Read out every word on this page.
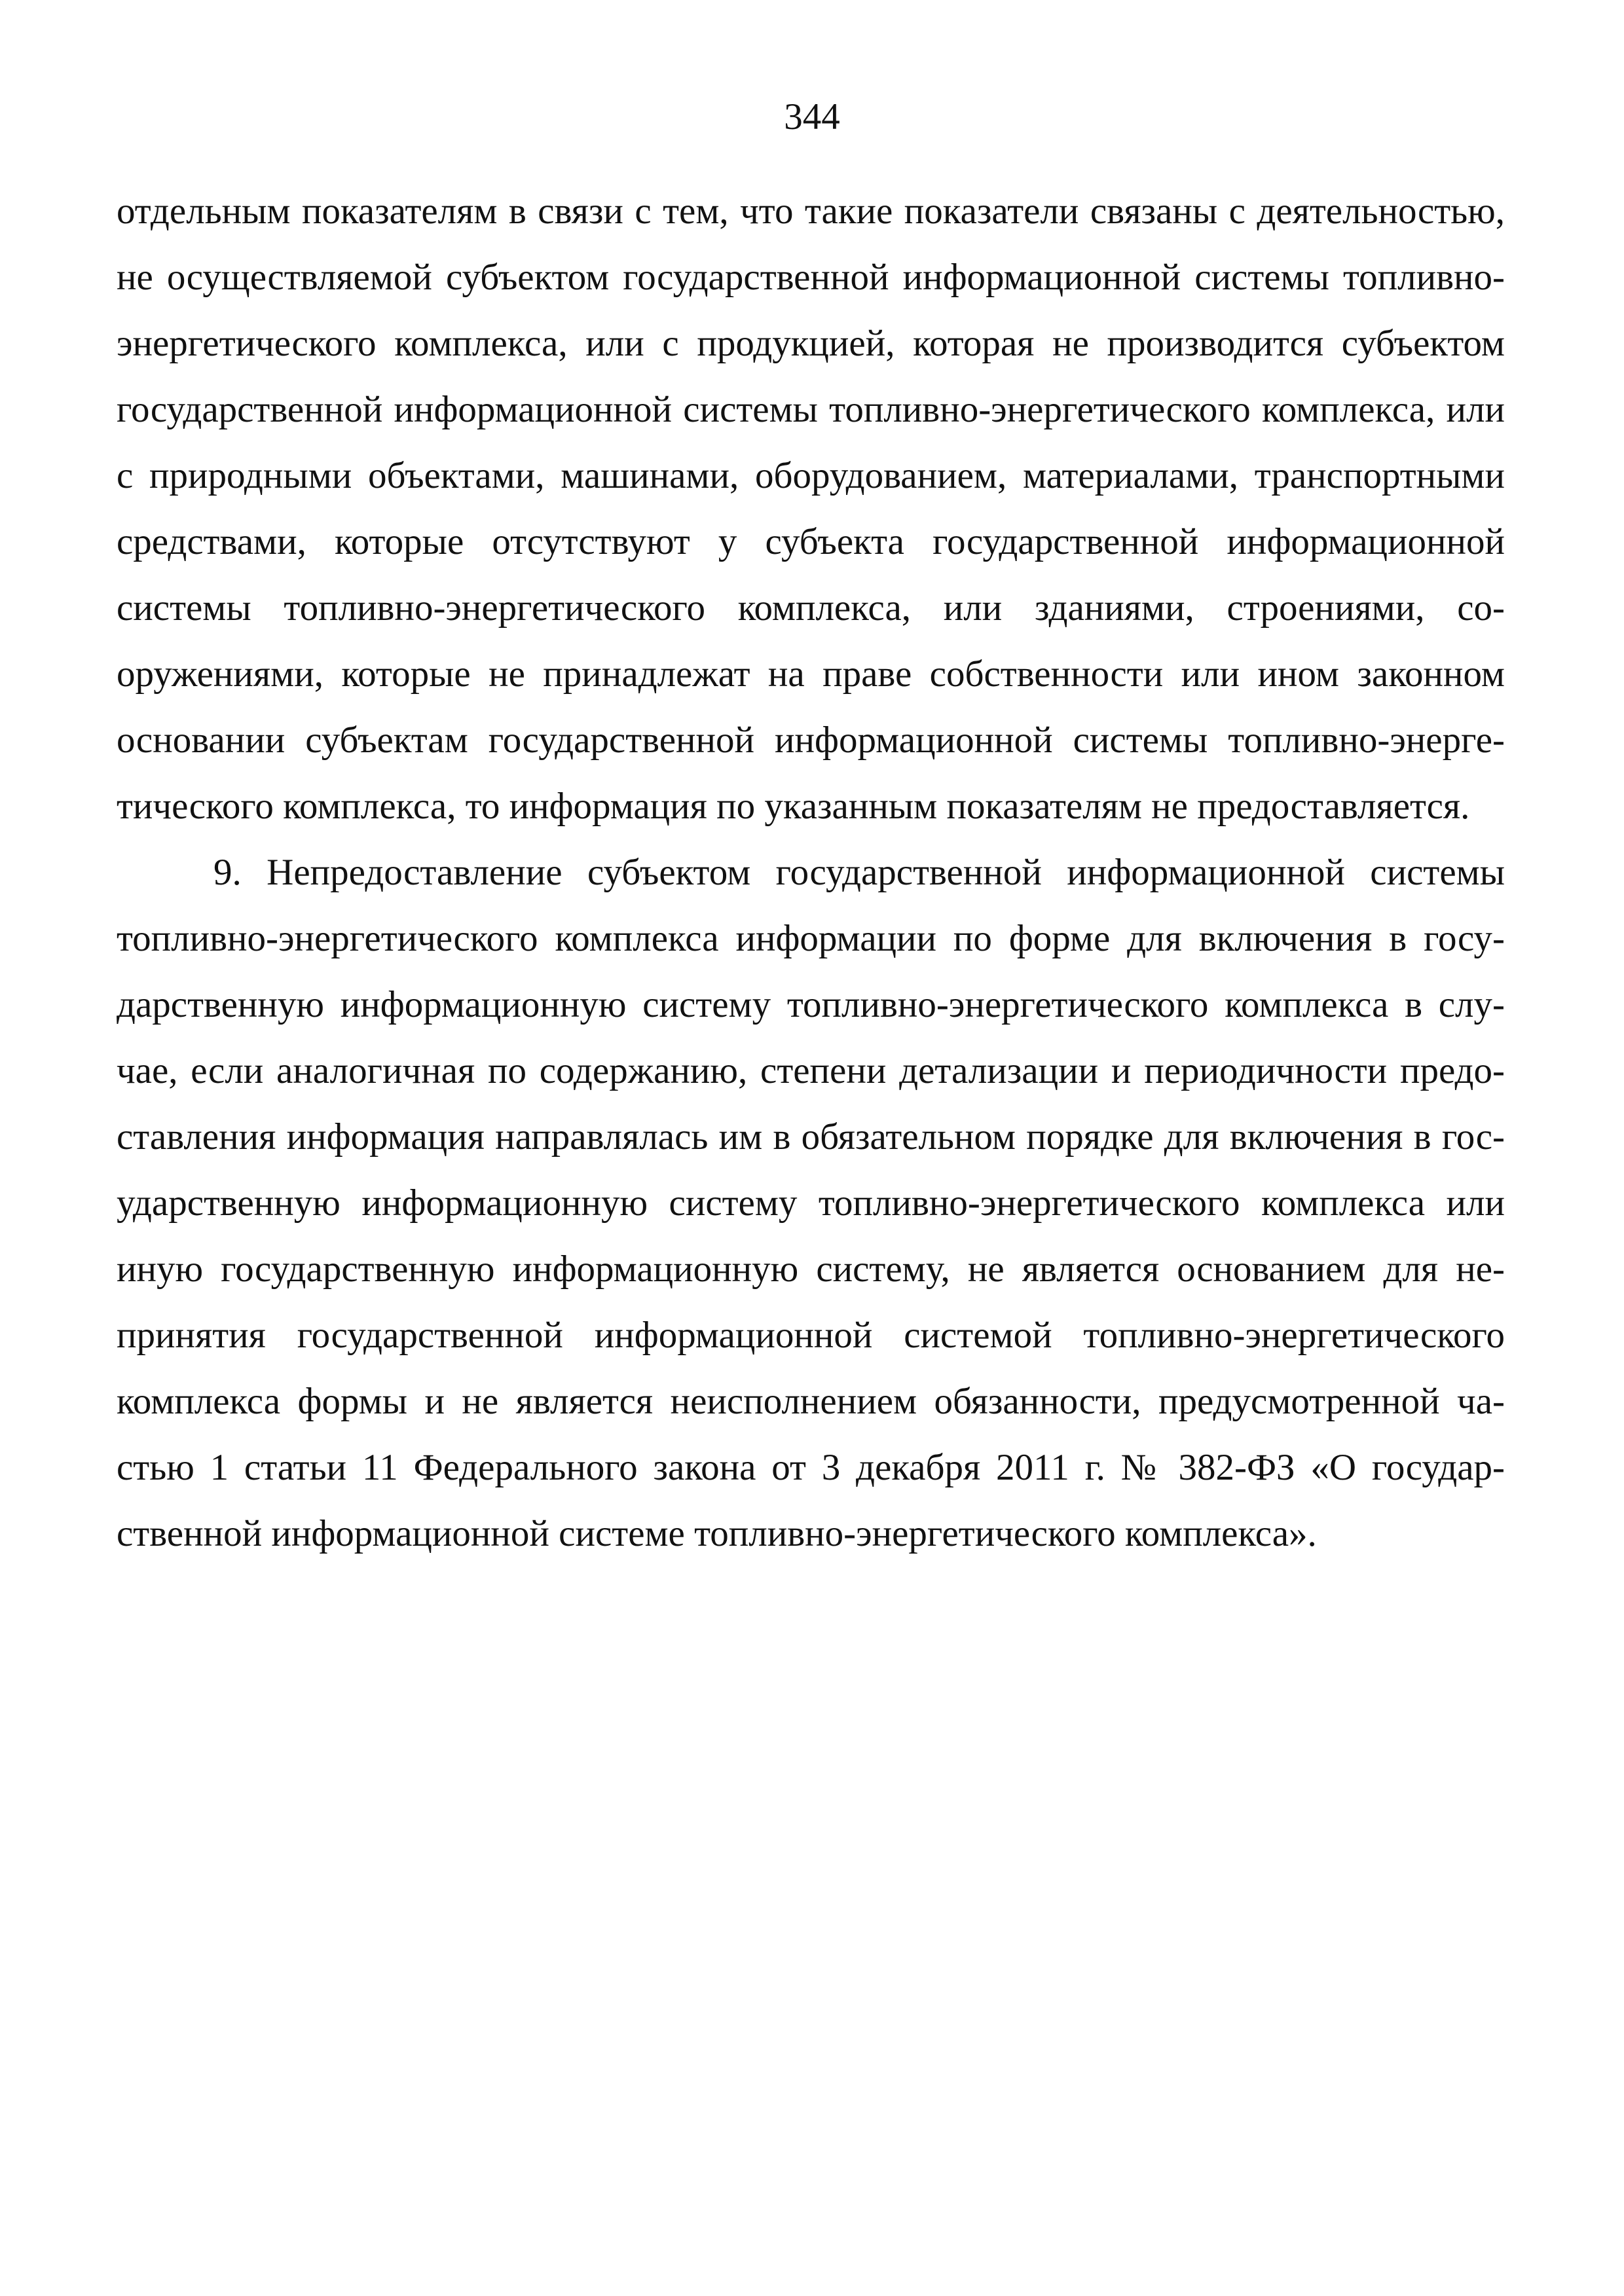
344

отдельным показателям в связи с тем, что такие показатели связаны с деятельностью, не осуществляемой субъектом государственной информационной системы топливно-энергетического комплекса, или с продукцией, которая не производится субъектом государственной информационной системы топливно-энергетического комплекса, или с природными объектами, машинами, оборудованием, материалами, транспортными средствами, которые отсутствуют у субъекта государственной информационной системы топливно-энергетического комплекса, или зданиями, строениями, сооружениями, которые не принадлежат на праве собственности или ином законном основании субъектам государственной информационной системы топливно-энергетического комплекса, то информация по указанным показателям не предоставляется.

9. Непредоставление субъектом государственной информационной системы топливно-энергетического комплекса информации по форме для включения в государственную информационную систему топливно-энергетического комплекса в случае, если аналогичная по содержанию, степени детализации и периодичности предоставления информация направлялась им в обязательном порядке для включения в государственную информационную систему топливно-энергетического комплекса или иную государственную информационную систему, не является основанием для непринятия государственной информационной системой топливно-энергетического комплекса формы и не является неисполнением обязанности, предусмотренной частью 1 статьи 11 Федерального закона от 3 декабря 2011 г. № 382-ФЗ «О государственной информационной системе топливно-энергетического комплекса».
